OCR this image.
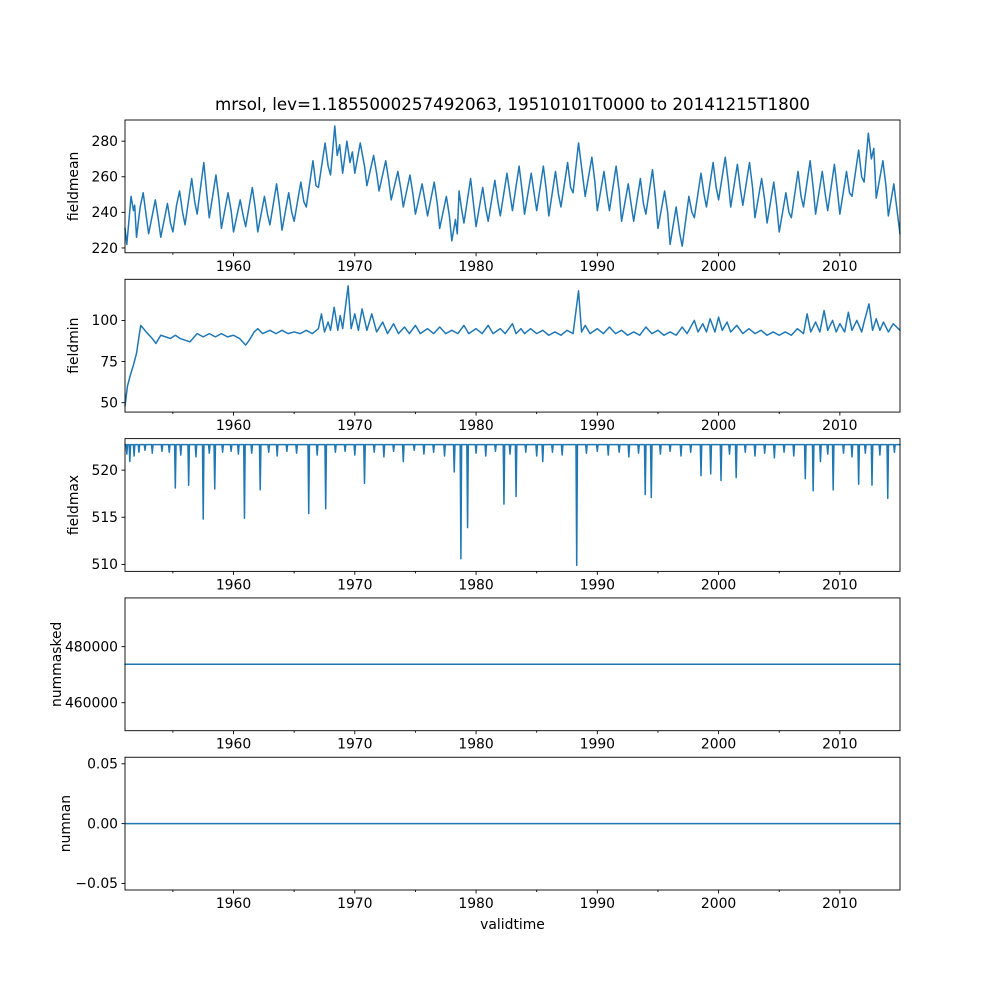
mrsol, lev=1.1855000257492063, 19510101T0000 to 20141215T1800
fieldmean
fieldmin
fieldmax
nummasked
numnan
validtime
1960	1970	1980	1990	2000	2010
220
240
260
280
1960	1970	1980	1990	2000	2010
50
75
100
1960	1970	1980	1990	2000	2010
510
515
520
1960	1970	1980	1990	2000	2010
460000
480000
1960	1970	1980	1990	2000	2010
−0.05
0.00
0.05
